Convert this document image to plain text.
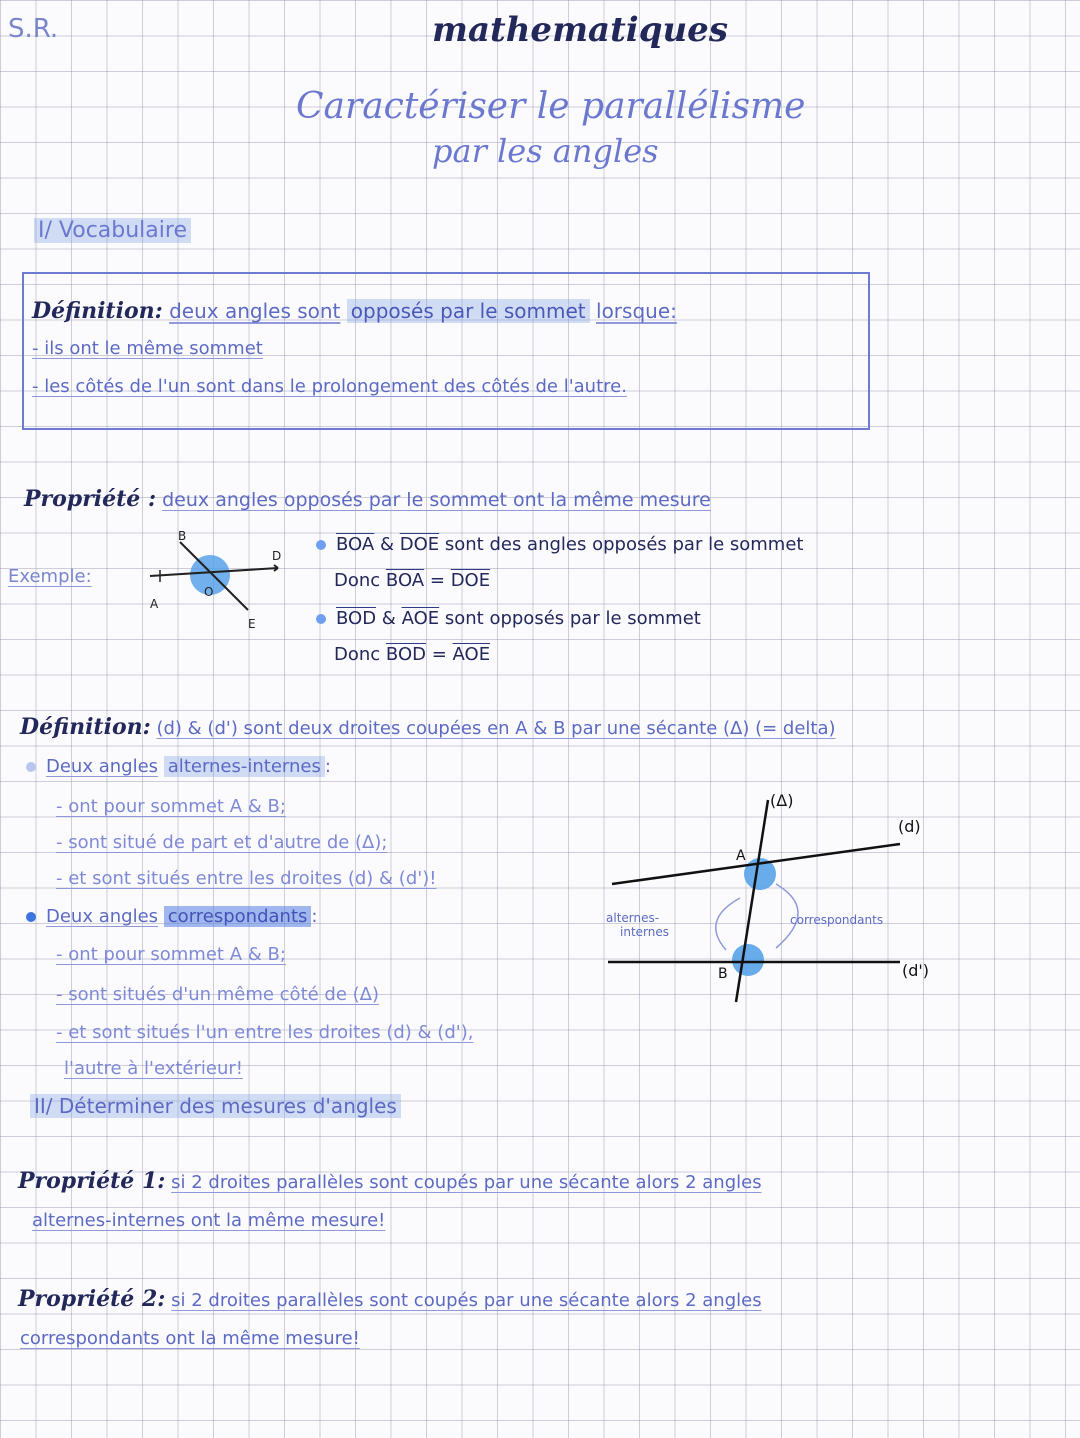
S.R.	mathematiques
Caractériser le parallélisme
par les angles
I/ Vocabulaire
Définition: deux angles sont opposés par le sommet lorsque:
- ils ont le même sommet
- les côtés de l'un sont dans le prolongement des côtés de l'autre.
Propriété : deux angles opposés par le sommet ont la même mesure
Exemple:
B
D
O
A
E
$\overline{BOA}$ & $\overline{DOE}$ sont des angles opposés par le sommet
Donc $\overline{BOA} = \overline{DOE}$
$\overline{BOD}$ & $\overline{AOE}$ sont opposés par le sommet
Donc $\overline{BOD} = \overline{AOE}$
Définition: (d) & (d') sont deux droites coupées en A & B par une sécante (Δ) (= delta)
Deux angles alternes-internes :
- ont pour sommet A & B;
- sont situé de part et d'autre de (Δ);
- et sont situés entre les droites (d) & (d')!
Deux angles correspondants :
- ont pour sommet A & B;
- sont situés d'un même côté de (Δ)
- et sont situés l'un entre les droites (d) & (d'),
l'autre à l'extérieur!
(Δ)
(d)
(d')
A
B
alternes-
internes
correspondants
II/ Déterminer des mesures d'angles
Propriété 1: si 2 droites parallèles sont coupés par une sécante alors 2 angles
alternes-internes ont la même mesure!
Propriété 2: si 2 droites parallèles sont coupés par une sécante alors 2 angles
correspondants ont la même mesure!
